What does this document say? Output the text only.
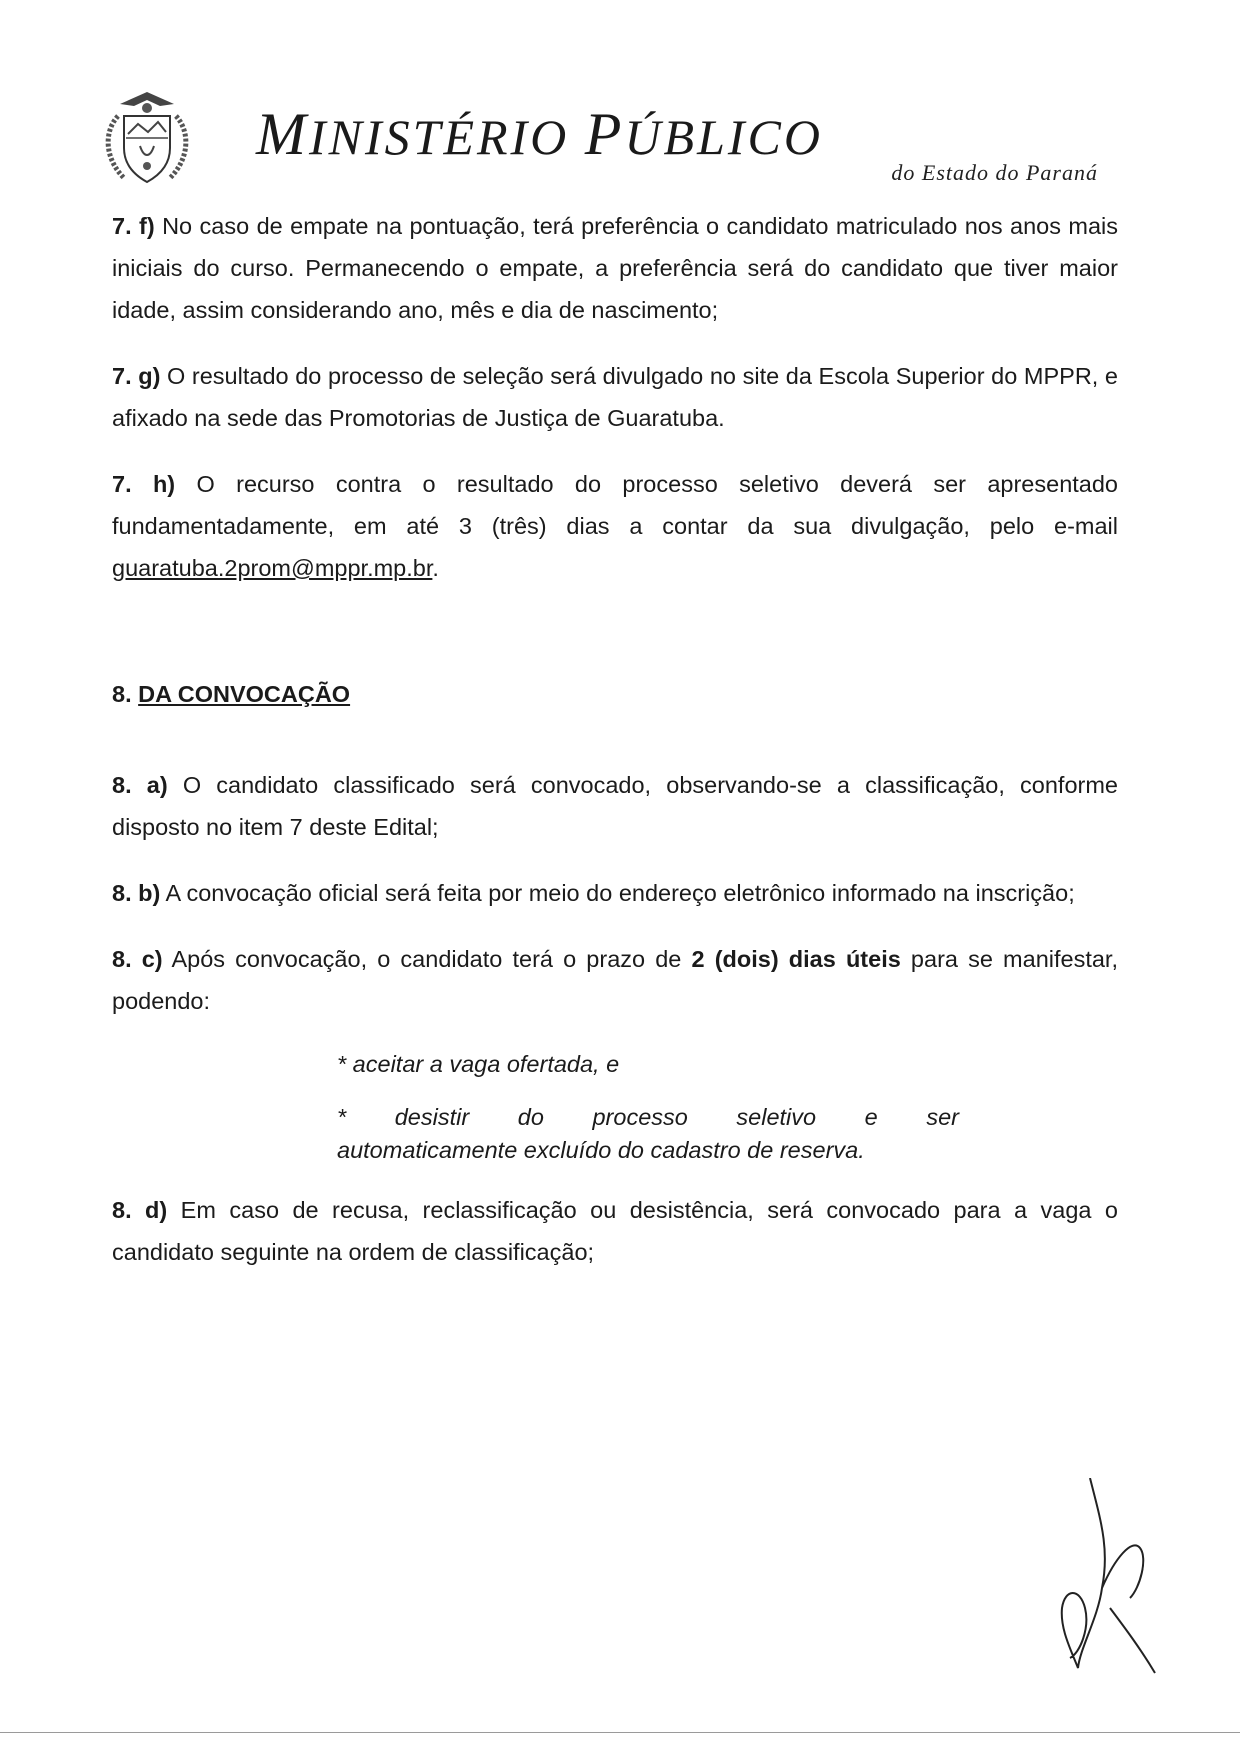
MINISTÉRIO PÚBLICO
do Estado do Paraná

7. f) No caso de empate na pontuação, terá preferência o candidato matriculado nos anos mais iniciais do curso. Permanecendo o empate, a preferência será do candidato que tiver maior idade, assim considerando ano, mês e dia de nascimento;

7. g) O resultado do processo de seleção será divulgado no site da Escola Superior do MPPR, e afixado na sede das Promotorias de Justiça de Guaratuba.

7. h) O recurso contra o resultado do processo seletivo deverá ser apresentado fundamentadamente, em até 3 (três) dias a contar da sua divulgação, pelo e-mail guaratuba.2prom@mppr.mp.br.

8. DA CONVOCAÇÃO

8. a) O candidato classificado será convocado, observando-se a classificação, conforme disposto no item 7 deste Edital;

8. b) A convocação oficial será feita por meio do endereço eletrônico informado na inscrição;

8. c) Após convocação, o candidato terá o prazo de 2 (dois) dias úteis para se manifestar, podendo:

* aceitar a vaga ofertada, e

* desistir do processo seletivo e ser

automaticamente excluído do cadastro de reserva.

8. d) Em caso de recusa, reclassificação ou desistência, será convocado para a vaga o candidato seguinte na ordem de classificação;
